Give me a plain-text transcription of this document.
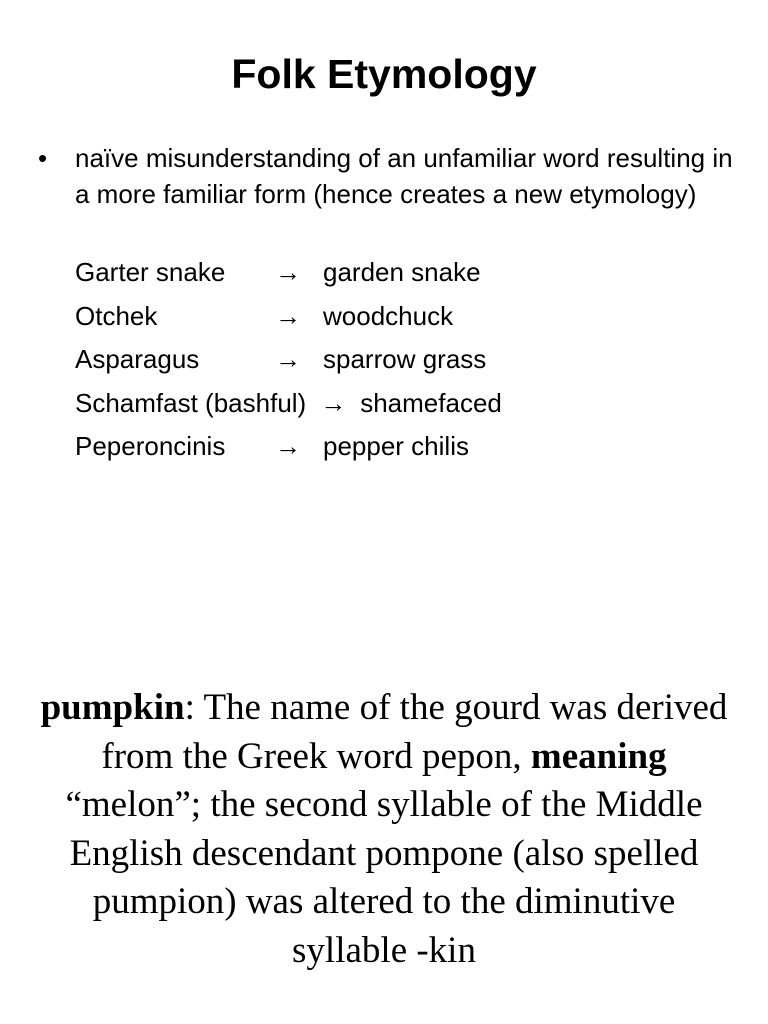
Folk Etymology
•	naïve misunderstanding of an unfamiliar word resulting in a more familiar form (hence creates a new etymology)
Garter snake → garden snake
Otchek	→ woodchuck
Asparagus	→ sparrow grass
Schamfast (bashful) → shamefaced
Peperoncinis → pepper chilis
pumpkin: The name of the gourd was derived from the Greek word pepon, meaning “melon”; the second syllable of the Middle English descendant pompone (also spelled pumpion) was altered to the diminutive syllable -kin
